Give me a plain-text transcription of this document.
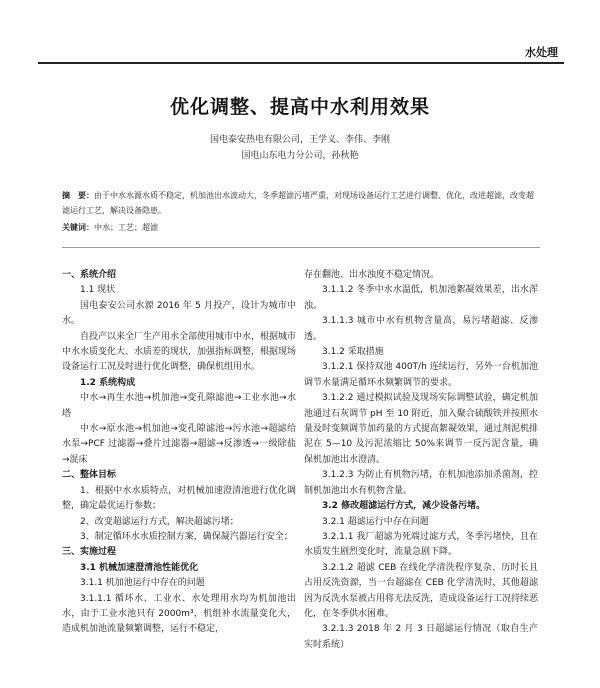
水处理
优化调整、提高中水利用效果
国电泰安热电有限公司，王学义、李伟、李刚
国电山东电力分公司，孙秋艳
摘　要：由于中水水源水质不稳定，机加池出水波动大，冬季超滤污堵严重，对现场设备运行工艺进行调整、优化，改进超滤，改变超滤运行工艺，解决设备隐患。
关键词：中水；工艺；超滤

一、系统介绍

1.1 现状

国电泰安公司水源 2016 年 5 月投产，设计为城市中水。

自投产以来全厂生产用水全部使用城市中水，根据城市中水水质变化大、水质差的现状，加强指标调整，根据现场设备运行工况及时进行优化调整，确保机组用水。

1.2 系统构成

中水→再生水池→机加池→变孔隙滤池→工业水池→水塔

中水→原水池→机加池→变孔隙滤池→污水池→超滤给水泵→PCF 过滤器→叠片过滤器→超滤→反渗透→一级除盐→混床

二、整体目标

1、根据中水水质特点，对机械加速澄清池进行优化调整，确定最优运行参数；

2、改变超滤运行方式，解决超滤污堵；

3、制定循环水水质控制方案，确保凝汽器运行安全；

三、实施过程

3.1 机械加速澄清池性能优化

3.1.1 机加池运行中存在的问题

3.1.1.1 循环水、工业水、水处理用水均为机加池出水，由于工业水池只有 2000m³，机组补水流量变化大，造成机加池流量频繁调整，运行不稳定，

存在翻池、出水浊度不稳定情况。

3.1.1.2 冬季中水水温低，机加池絮凝效果差，出水浑浊。

3.1.1.3 城市中水有机物含量高，易污堵超滤、反渗透。

3.1.2 采取措施

3.1.2.1 保持双池 400T/h 连续运行，另外一台机加池调节水量满足循环水频繁调节的要求。

3.1.2.2 通过模拟试验及现场实际调整试验，确定机加池通过石灰调节 pH 至 10 附近，加入聚合硫酸铁并按照水量及时变频调节加药量的方式提高絮凝效果，通过剂泥机排泥在 5—10 及污泥浓缩比 50%来调节一反污泥含量，确保机加池出水澄清。

3.1.2.3 为防止有机物污堵，在机加池添加杀菌剂，控制机加池出水有机物含量。

3.2 修改超滤运行方式，减少设备污堵。

3.2.1 超滤运行中存在问题

3.2.1.1 我厂超滤为死端过滤方式，冬季污堵快，且在水质发生剧烈变化时，流量急剧下降。

3.2.1.2 超滤 CEB 在线化学清洗程序复杂、历时长且占用反洗资源，当一台超滤在 CEB 化学清洗时，其他超滤因为反洗水泵被占用将无法反洗，造成设备运行工况持续恶化，在冬季供水困难。

3.2.1.3 2018 年 2 月 3 日超滤运行情况（取自生产实时系统）
